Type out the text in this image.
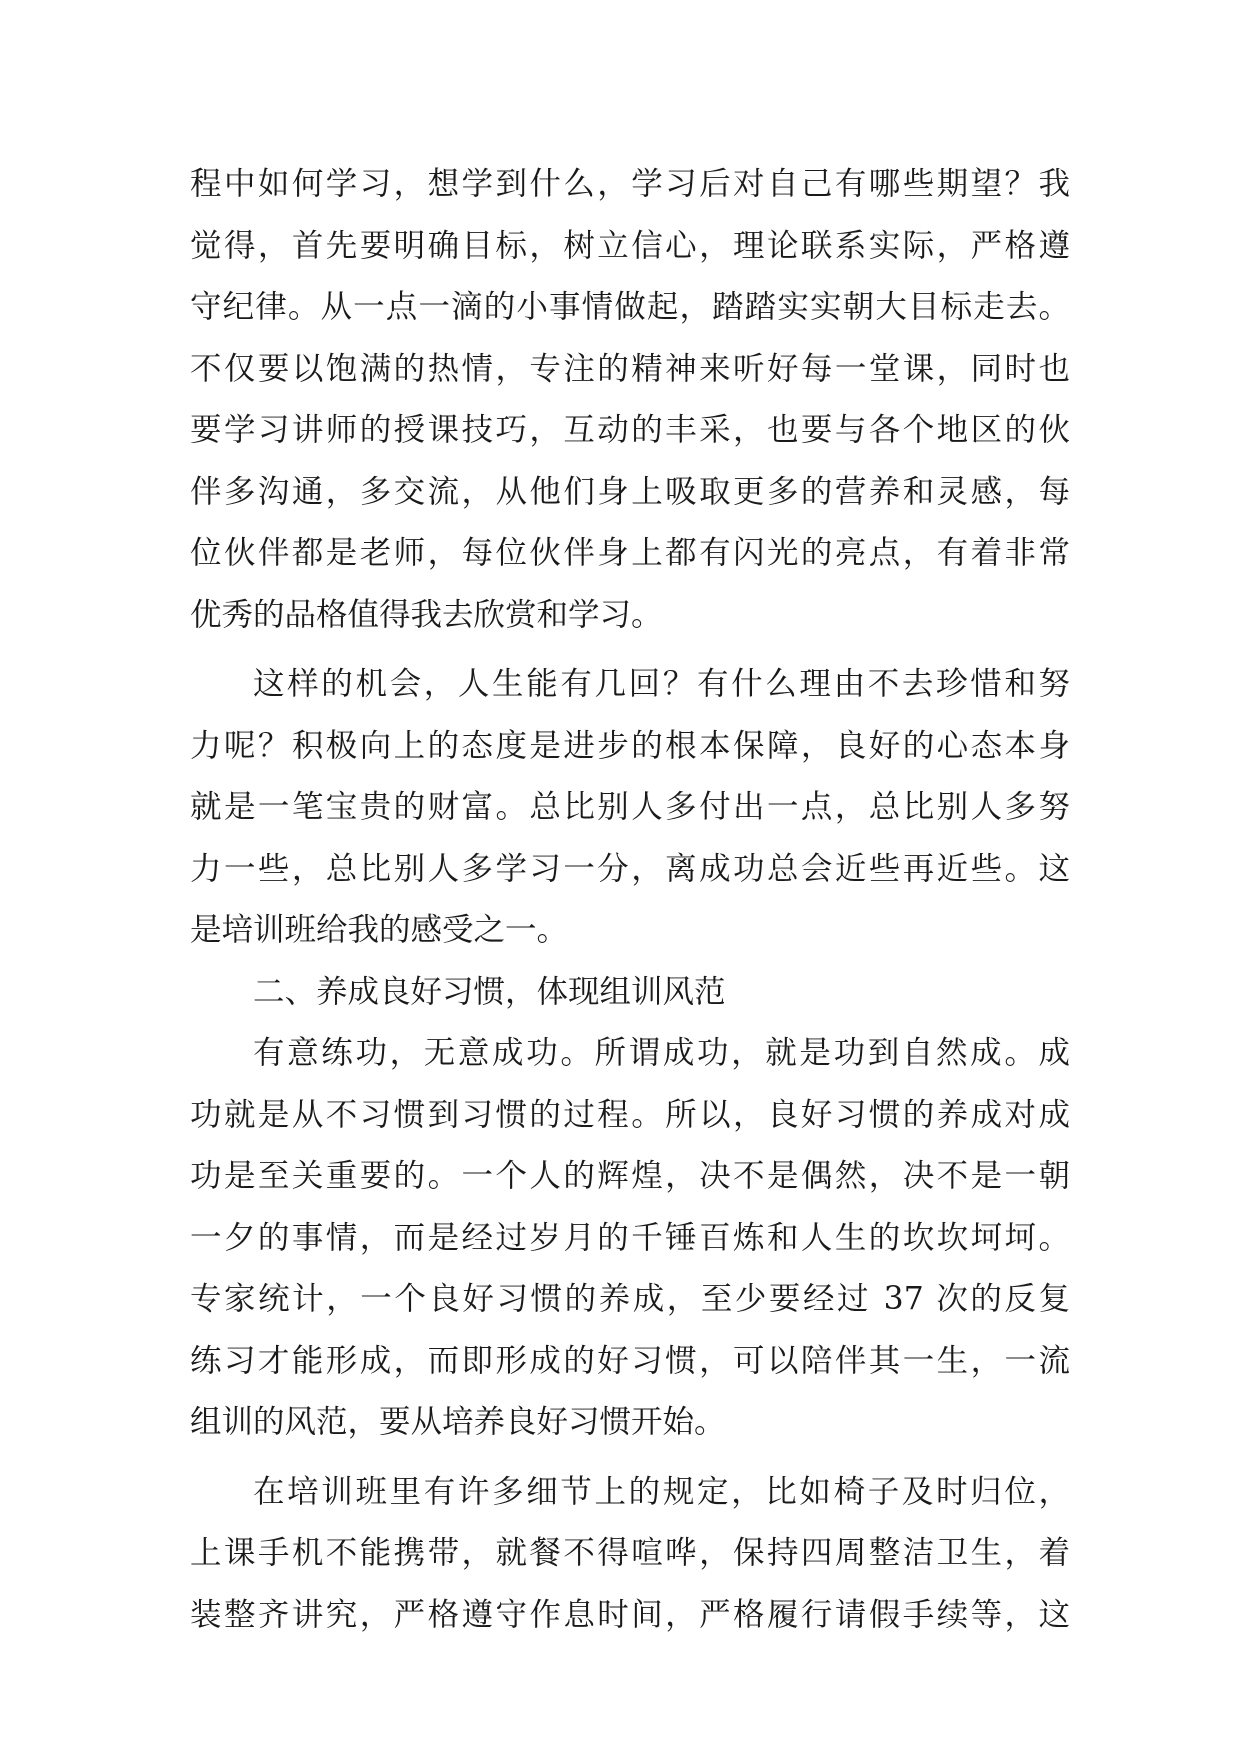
程中如何学习，想学到什么，学习后对自己有哪些期望？我
觉得，首先要明确目标，树立信心，理论联系实际，严格遵
守纪律。从一点一滴的小事情做起，踏踏实实朝大目标走去。
不仅要以饱满的热情，专注的精神来听好每一堂课，同时也
要学习讲师的授课技巧，互动的丰采，也要与各个地区的伙
伴多沟通，多交流，从他们身上吸取更多的营养和灵感，每
位伙伴都是老师，每位伙伴身上都有闪光的亮点，有着非常
优秀的品格值得我去欣赏和学习。
这样的机会，人生能有几回？有什么理由不去珍惜和努
力呢？积极向上的态度是进步的根本保障，良好的心态本身
就是一笔宝贵的财富。总比别人多付出一点，总比别人多努
力一些，总比别人多学习一分，离成功总会近些再近些。这
是培训班给我的感受之一。
二、养成良好习惯，体现组训风范
有意练功，无意成功。所谓成功，就是功到自然成。成
功就是从不习惯到习惯的过程。所以，良好习惯的养成对成
功是至关重要的。一个人的辉煌，决不是偶然，决不是一朝
一夕的事情，而是经过岁月的千锤百炼和人生的坎坎坷坷。
专家统计，一个良好习惯的养成，至少要经过 37 次的反复
练习才能形成，而即形成的好习惯，可以陪伴其一生，一流
组训的风范，要从培养良好习惯开始。
在培训班里有许多细节上的规定，比如椅子及时归位，
上课手机不能携带，就餐不得喧哗，保持四周整洁卫生，着
装整齐讲究，严格遵守作息时间，严格履行请假手续等，这
